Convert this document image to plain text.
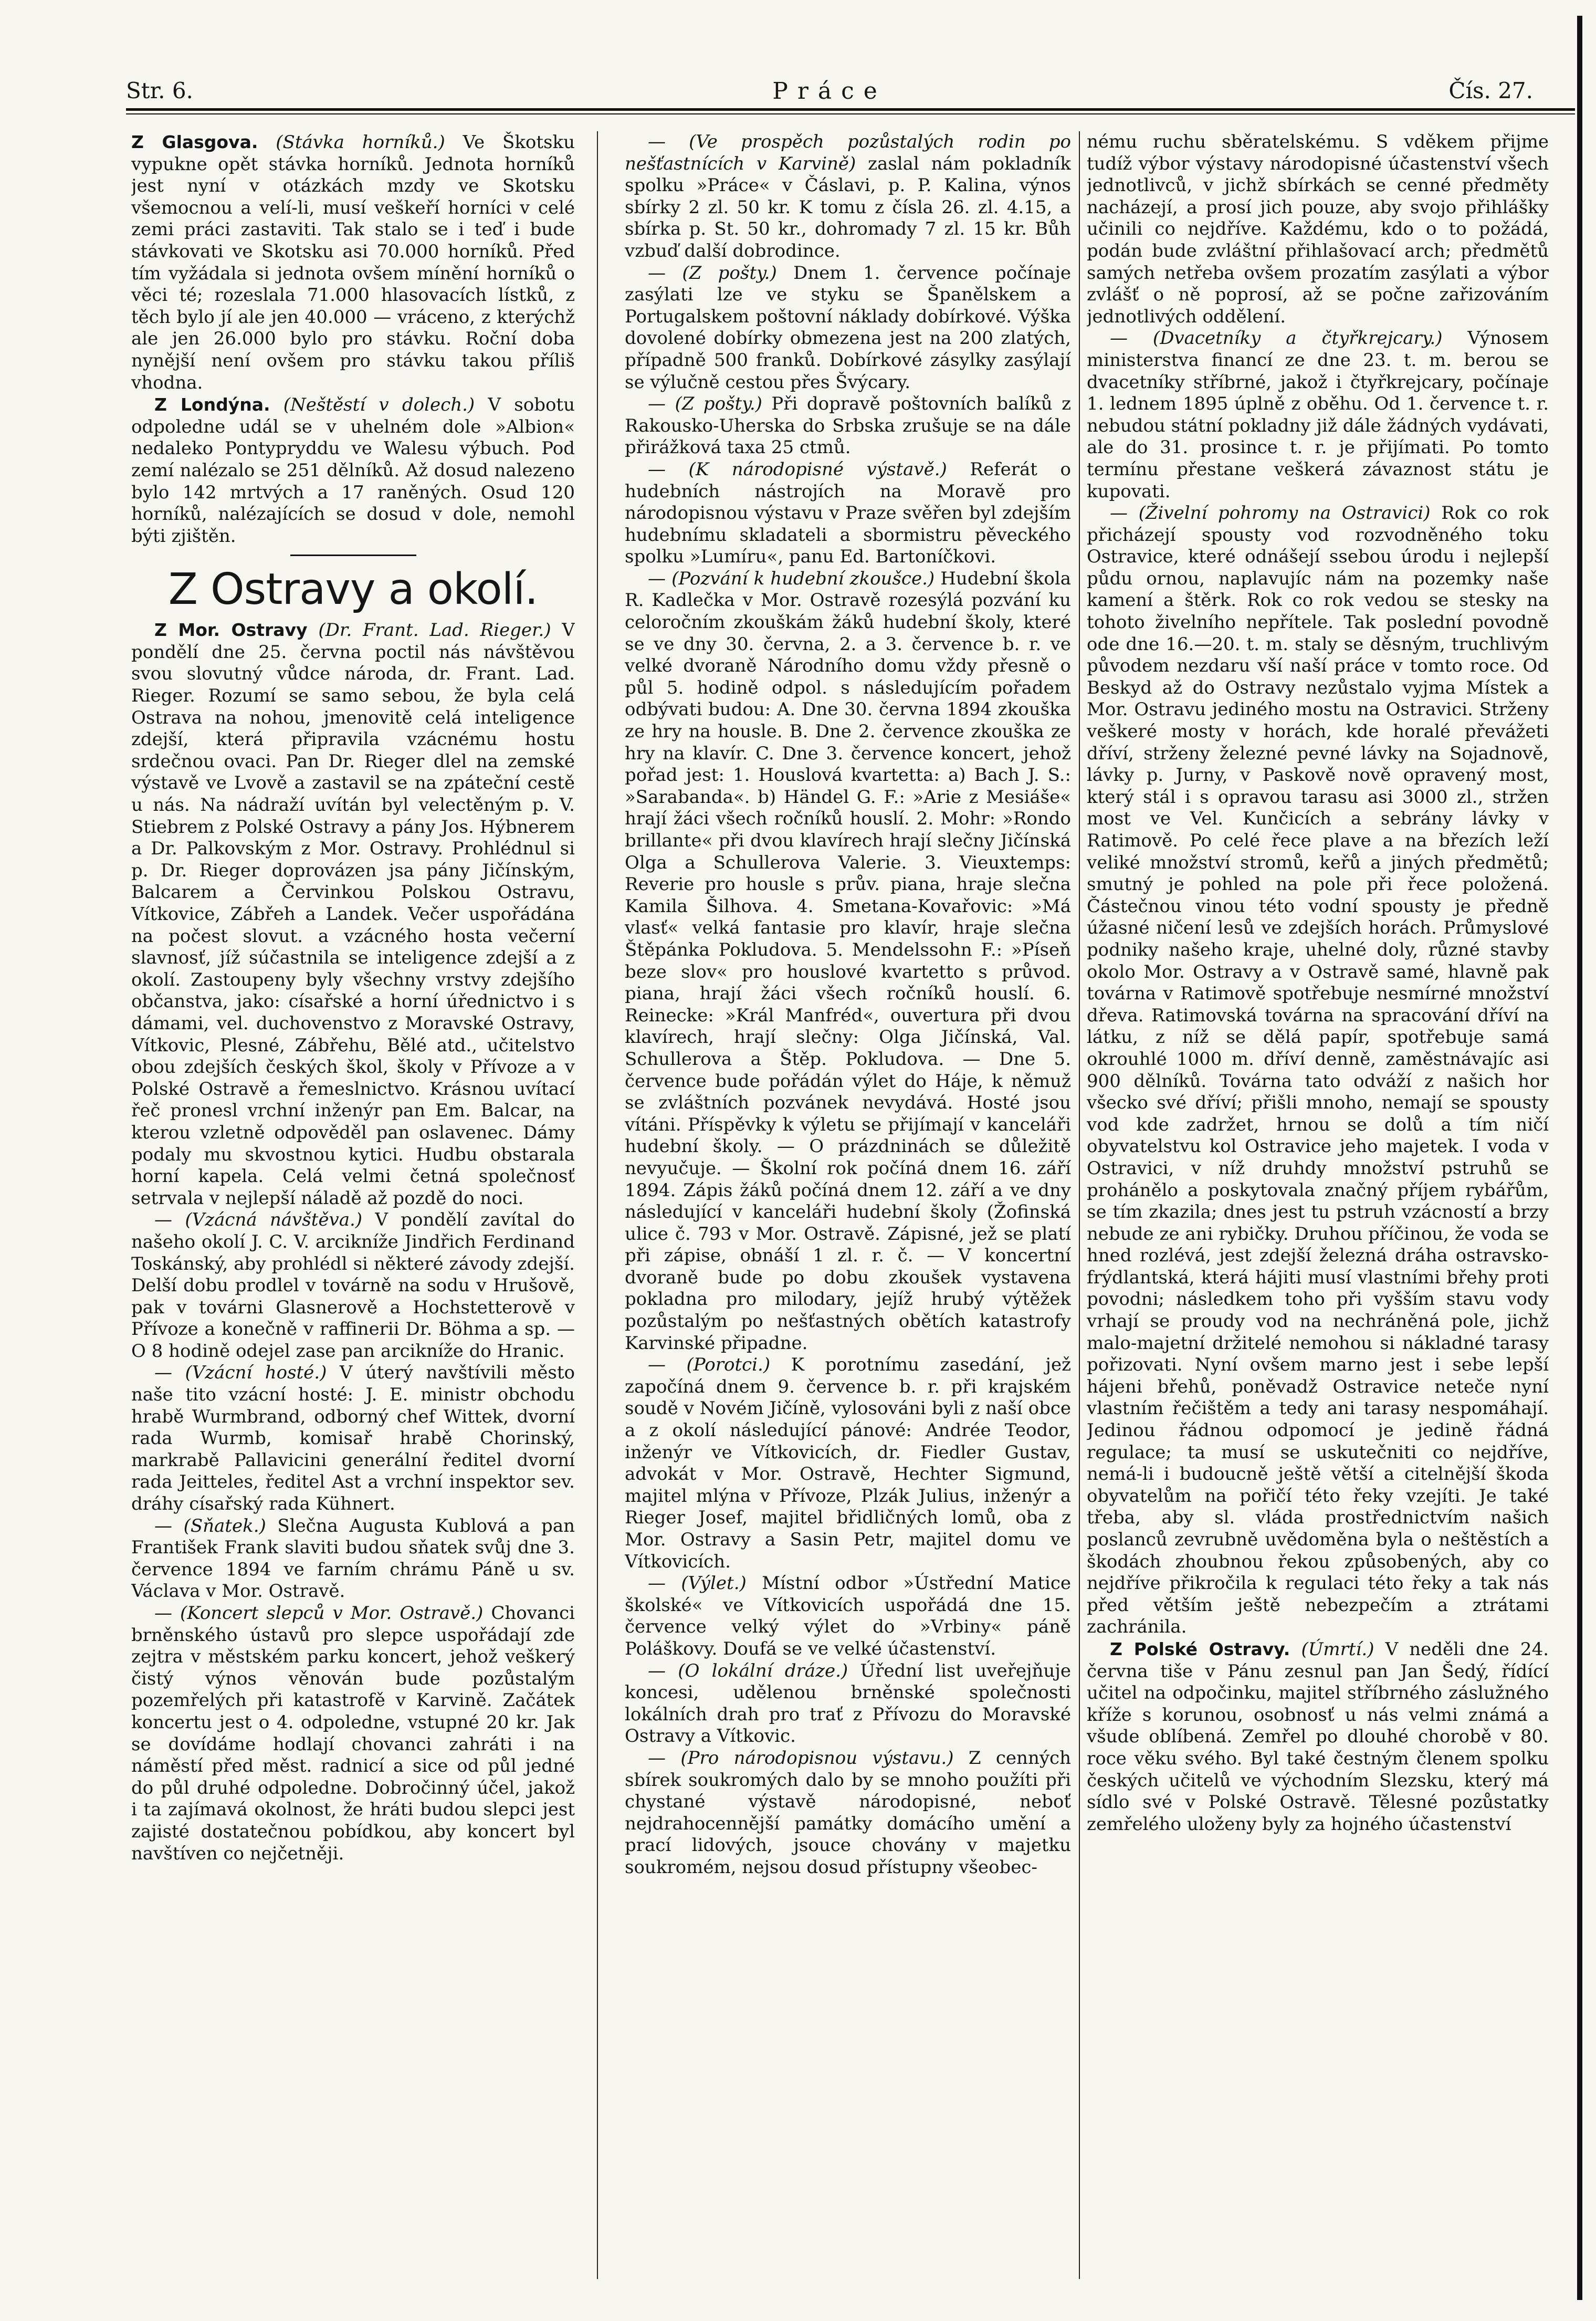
Str. 6.	Práce	Čís. 27.

Z Glasgova. (Stávka horníků.) Ve Škotsku vypukne opět stávka horníků. Jednota horníků jest nyní v otázkách mzdy ve Skotsku všemocnou a velí-li, musí veškeří horníci v celé zemi práci zastaviti. Tak stalo se i teď i bude stávkovati ve Skotsku asi 70.000 horníků. Před tím vyžádala si jednota ovšem mínění horníků o věci té; rozeslala 71.000 hlasovacích lístků, z těch bylo jí ale jen 40.000 — vráceno, z kterýchž ale jen 26.000 bylo pro stávku. Roční doba nynější není ovšem pro stávku takou příliš vhodna.

Z Londýna. (Neštěstí v dolech.) V sobotu odpoledne udál se v uhelném dole »Albion« nedaleko Pontypryddu ve Walesu výbuch. Pod zemí nalézalo se 251 dělníků. Až dosud nalezeno bylo 142 mrtvých a 17 raněných. Osud 120 horníků, nalézajících se dosud v dole, nemohl býti zjištěn.

Z Ostravy a okolí.

Z Mor. Ostravy (Dr. Frant. Lad. Rieger.) V pondělí dne 25. června poctil nás návštěvou svou slovutný vůdce národa, dr. Frant. Lad. Rieger. Rozumí se samo sebou, že byla celá Ostrava na nohou, jmenovitě celá inteligence zdejší, která připravila vzácnému hostu srdečnou ovaci. Pan Dr. Rieger dlel na zemské výstavě ve Lvově a zastavil se na zpáteční cestě u nás. Na nádraží uvítán byl velectěným p. V. Stiebrem z Polské Ostravy a pány Jos. Hýbnerem a Dr. Palkovským z Mor. Ostravy. Prohlédnul si p. Dr. Rieger doprovázen jsa pány Jičínským, Balcarem a Červinkou Polskou Ostravu, Vítkovice, Zábřeh a Landek. Večer uspořádána na počest slovut. a vzácného hosta večerní slavnosť, jíž súčastnila se inteligence zdejší a z okolí. Zastoupeny byly všechny vrstvy zdejšího občanstva, jako: císařské a horní úřednictvo i s dámami, vel. duchovenstvo z Moravské Ostravy, Vítkovic, Plesné, Zábřehu, Bělé atd., učitelstvo obou zdejších českých škol, školy v Přívoze a v Polské Ostravě a řemeslnictvo. Krásnou uvítací řeč pronesl vrchní inženýr pan Em. Balcar, na kterou vzletně odpověděl pan oslavenec. Dámy podaly mu skvostnou kytici. Hudbu obstarala horní kapela. Celá velmi četná společnosť setrvala v nejlepší náladě až pozdě do noci.

— (Vzácná návštěva.) V pondělí zavítal do našeho okolí J. C. V. arcikníže Jindřich Ferdinand Toskánský, aby prohlédl si některé závody zdejší. Delší dobu prodlel v továrně na sodu v Hrušově, pak v továrni Glasnerově a Hochstetterově v Přívoze a konečně v raffinerii Dr. Böhma a sp. — O 8 hodině odejel zase pan arcikníže do Hranic.

— (Vzácní hosté.) V úterý navštívili město naše tito vzácní hosté: J. E. ministr obchodu hrabě Wurmbrand, odborný chef Wittek, dvorní rada Wurmb, komisař hrabě Chorinský, markrabě Pallavicini generální ředitel dvorní rada Jeitteles, ředitel Ast a vrchní inspektor sev. dráhy císařský rada Kühnert.

— (Sňatek.) Slečna Augusta Kublová a pan František Frank slaviti budou sňatek svůj dne 3. července 1894 ve farním chrámu Páně u sv. Václava v Mor. Ostravě.

— (Koncert slepců v Mor. Ostravě.) Chovanci brněnského ústavů pro slepce uspořádají zde zejtra v městském parku koncert, jehož veškerý čistý výnos věnován bude pozůstalým pozemřelých při katastrofě v Karvině. Začátek koncertu jest o 4. odpoledne, vstupné 20 kr. Jak se dovídáme hodlají chovanci zahráti i na náměstí před měst. radnicí a sice od půl jedné do půl druhé odpoledne. Dobročinný účel, jakož i ta zajímavá okolnost, že hráti budou slepci jest zajisté dostatečnou pobídkou, aby koncert byl navštíven co nejčetněji.

— (Ve prospěch pozůstalých rodin po nešťastnících v Karvině) zaslal nám pokladník spolku »Práce« v Čáslavi, p. P. Kalina, výnos sbírky 2 zl. 50 kr. K tomu z čísla 26. zl. 4.15, a sbírka p. St. 50 kr., dohromady 7 zl. 15 kr. Bůh vzbuď další dobrodince.

— (Z pošty.) Dnem 1. července počínaje zasýlati lze ve styku se Španělskem a Portugalskem poštovní náklady dobírkové. Výška dovolené dobírky obmezena jest na 200 zlatých, případně 500 franků. Dobírkové zásylky zasýlají se výlučně cestou přes Švýcary.

— (Z pošty.) Při dopravě poštovních balíků z Rakousko-Uherska do Srbska zrušuje se na dále přirážková taxa 25 ctmů.

— (K národopisné výstavě.) Referát o hudebních nástrojích na Moravě pro národopisnou výstavu v Praze svěřen byl zdejším hudebnímu skladateli a sbormistru pěveckého spolku »Lumíru«, panu Ed. Bartoníčkovi.

— (Pozvání k hudební zkoušce.) Hudební škola R. Kadlečka v Mor. Ostravě rozesýlá pozvání ku celoročním zkouškám žáků hudební školy, které se ve dny 30. června, 2. a 3. července b. r. ve velké dvoraně Národního domu vždy přesně o půl 5. hodině odpol. s následujícím pořadem odbývati budou: A. Dne 30. června 1894 zkouška ze hry na housle. B. Dne 2. července zkouška ze hry na klavír. C. Dne 3. července koncert, jehož pořad jest: 1. Houslová kvartetta: a) Bach J. S.: »Sarabanda«. b) Händel G. F.: »Arie z Mesiáše« hrají žáci všech ročníků houslí. 2. Mohr: »Rondo brillante« při dvou klavírech hrají slečny Jičínská Olga a Schullerova Valerie. 3. Vieuxtemps: Reverie pro housle s prův. piana, hraje slečna Kamila Šilhova. 4. Smetana-Kovařovic: »Má vlasť« velká fantasie pro klavír, hraje slečna Štěpánka Pokludova. 5. Mendelssohn F.: »Píseň beze slov« pro houslové kvartetto s průvod. piana, hrají žáci všech ročníků houslí. 6. Reinecke: »Král Manfréd«, ouvertura při dvou klavírech, hrají slečny: Olga Jičínská, Val. Schullerova a Štěp. Pokludova. — Dne 5. července bude pořádán výlet do Háje, k němuž se zvláštních pozvánek nevydává. Hosté jsou vítáni. Příspěvky k výletu se přijímají v kanceláři hudební školy. — O prázdninách se důležitě nevyučuje. — Školní rok počíná dnem 16. září 1894. Zápis žáků počíná dnem 12. září a ve dny následující v kanceláři hudební školy (Žofinská ulice č. 793 v Mor. Ostravě. Zápisné, jež se platí při zápise, obnáší 1 zl. r. č. — V koncertní dvoraně bude po dobu zkoušek vystavena pokladna pro milodary, jejíž hrubý výtěžek pozůstalým po nešťastných obětích katastrofy Karvinské připadne.

— (Porotci.) K porotnímu zasedání, jež započíná dnem 9. července b. r. při krajském soudě v Novém Jičíně, vylosováni byli z naší obce a z okolí následující pánové: Andrée Teodor, inženýr ve Vítkovicích, dr. Fiedler Gustav, advokát v Mor. Ostravě, Hechter Sigmund, majitel mlýna v Přívoze, Plzák Julius, inženýr a Rieger Josef, majitel břidličných lomů, oba z Mor. Ostravy a Sasin Petr, majitel domu ve Vítkovicích.

— (Výlet.) Místní odbor »Ústřední Matice školské« ve Vítkovicích uspořádá dne 15. července velký výlet do »Vrbiny« páně Poláškovy. Doufá se ve velké účastenství.

— (O lokální dráze.) Úřední list uveřejňuje koncesi, udělenou brněnské společnosti lokálních drah pro trať z Přívozu do Moravské Ostravy a Vítkovic.

— (Pro národopisnou výstavu.) Z cenných sbírek soukromých dalo by se mnoho použíti při chystané výstavě národopisné, neboť nejdrahocennější památky domácího umění a prací lidových, jsouce chovány v majetku soukromém, nejsou dosud přístupny všeobec-

nému ruchu sběratelskému. S vděkem přijme tudíž výbor výstavy národopisné účastenství všech jednotlivců, v jichž sbírkách se cenné předměty nacházejí, a prosí jich pouze, aby svojo přihlášky učinili co nejdříve. Každému, kdo o to požádá, podán bude zvláštní přihlašovací arch; předmětů samých netřeba ovšem prozatím zasýlati a výbor zvlášť o ně poprosí, až se počne zařizováním jednotlivých oddělení.

— (Dvacetníky a čtyřkrejcary.) Výnosem ministerstva financí ze dne 23. t. m. berou se dvacetníky stříbrné, jakož i čtyřkrejcary, počínaje 1. lednem 1895 úplně z oběhu. Od 1. července t. r. nebudou státní pokladny již dále žádných vydávati, ale do 31. prosince t. r. je přijímati. Po tomto termínu přestane veškerá závaznost státu je kupovati.

— (Živelní pohromy na Ostravici) Rok co rok přicházejí spousty vod rozvodněného toku Ostravice, které odnášejí ssebou úrodu i nejlepší půdu ornou, naplavujíc nám na pozemky naše kamení a štěrk. Rok co rok vedou se stesky na tohoto živelního nepřítele. Tak poslední povodně ode dne 16.—20. t. m. staly se děsným, truchlivým původem nezdaru vší naší práce v tomto roce. Od Beskyd až do Ostravy nezůstalo vyjma Místek a Mor. Ostravu jediného mostu na Ostravici. Strženy veškeré mosty v horách, kde horalé převážeti dříví, strženy železné pevné lávky na Sojadnově, lávky p. Jurny, v Paskově nově opravený most, který stál i s opravou tarasu asi 3000 zl., stržen most ve Vel. Kunčicích a sebrány lávky v Ratimově. Po celé řece plave a na březích leží veliké množství stromů, keřů a jiných předmětů; smutný je pohled na pole při řece položená. Částečnou vinou této vodní spousty je předně úžasné ničení lesů ve zdejších horách. Průmyslové podniky našeho kraje, uhelné doly, různé stavby okolo Mor. Ostravy a v Ostravě samé, hlavně pak továrna v Ratimově spotřebuje nesmírné množství dřeva. Ratimovská továrna na spracování dříví na látku, z níž se dělá papír, spotřebuje samá okrouhlé 1000 m. dříví denně, zaměstnávajíc asi 900 dělníků. Továrna tato odváží z našich hor všecko své dříví; přišli mnoho, nemají se spousty vod kde zadržet, hrnou se dolů a tím ničí obyvatelstvu kol Ostravice jeho majetek. I voda v Ostravici, v níž druhdy množství pstruhů se prohánělo a poskytovala značný příjem rybářům, se tím zkazila; dnes jest tu pstruh vzácností a brzy nebude ze ani rybičky. Druhou příčinou, že voda se hned rozlévá, jest zdejší železná dráha ostravsko-frýdlantská, která hájiti musí vlastními břehy proti povodni; následkem toho při vyšším stavu vody vrhají se proudy vod na nechráněná pole, jichž malo-majetní držitelé nemohou si nákladné tarasy pořizovati. Nyní ovšem marno jest i sebe lepší hájeni břehů, poněvadž Ostravice neteče nyní vlastním řečištěm a tedy ani tarasy nespomáhají. Jedinou řádnou odpomocí je jedině řádná regulace; ta musí se uskutečniti co nejdříve, nemá-li i budoucně ještě větší a citelnější škoda obyvatelům na pořičí této řeky vzejíti. Je také třeba, aby sl. vláda prostřednictvím našich poslanců zevrubně uvědoměna byla o neštěstích a škodách zhoubnou řekou způsobených, aby co nejdříve přikročila k regulaci této řeky a tak nás před větším ještě nebezpečím a ztrátami zachránila.

Z Polské Ostravy. (Úmrtí.) V neděli dne 24. června tiše v Pánu zesnul pan Jan Šedý, řídící učitel na odpočinku, majitel stříbrného záslužného kříže s korunou, osobnosť u nás velmi známá a všude oblíbená. Zemřel po dlouhé chorobě v 80. roce věku svého. Byl také čestným členem spolku českých učitelů ve východním Slezsku, který má sídlo své v Polské Ostravě. Tělesné pozůstatky zemřelého uloženy byly za hojného účastenství
